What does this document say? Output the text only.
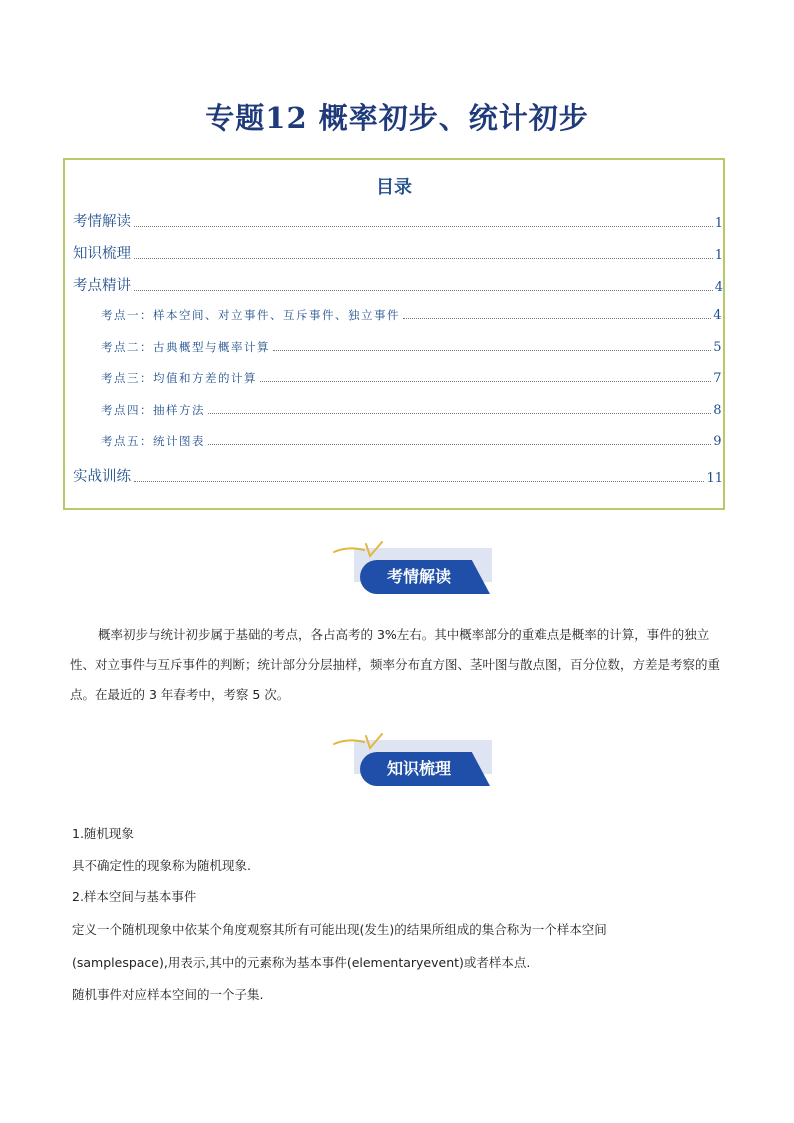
专题12 概率初步、统计初步
目录
考情解读	1
知识梳理	1
考点精讲	4
考点一：样本空间、对立事件、互斥事件、独立事件	4
考点二：古典概型与概率计算	5
考点三：均值和方差的计算	7
考点四：抽样方法	8
考点五：统计图表	9
实战训练	11
考情解读
概率初步与统计初步属于基础的考点，各占高考的 3%左右。其中概率部分的重难点是概率的计算，事件的独立性、对立事件与互斥事件的判断；统计部分分层抽样，频率分布直方图、茎叶图与散点图，百分位数，方差是考察的重点。在最近的 3 年春考中，考察 5 次。
知识梳理
1.随机现象
具不确定性的现象称为随机现象.
2.样本空间与基本事件
定义一个随机现象中依某个角度观察其所有可能出现(发生)的结果所组成的集合称为一个样本空间
(samplespace),用表示,其中的元素称为基本事件(elementaryevent)或者样本点.
随机事件对应样本空间的一个子集.
